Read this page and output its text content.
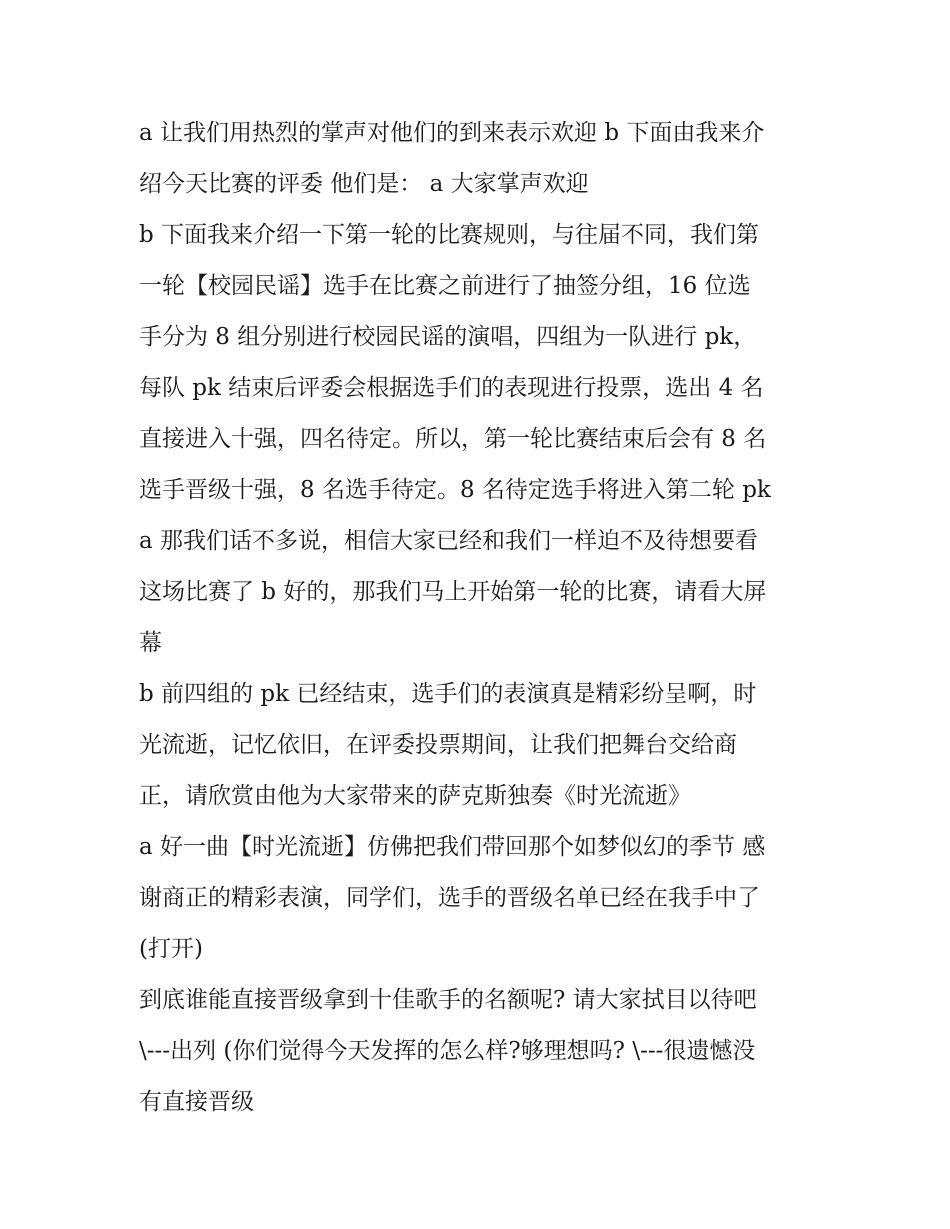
a 让我们用热烈的掌声对他们的到来表示欢迎 b 下面由我来介
绍今天比赛的评委 他们是： a 大家掌声欢迎
b 下面我来介绍一下第一轮的比赛规则，与往届不同，我们第
一轮【校园民谣】选手在比赛之前进行了抽签分组，16 位选
手分为 8 组分别进行校园民谣的演唱，四组为一队进行 pk，
每队 pk 结束后评委会根据选手们的表现进行投票，选出 4 名
直接进入十强，四名待定。所以，第一轮比赛结束后会有 8 名
选手晋级十强，8 名选手待定。8 名待定选手将进入第二轮 pk
a 那我们话不多说，相信大家已经和我们一样迫不及待想要看
这场比赛了 b 好的，那我们马上开始第一轮的比赛，请看大屏
幕
b 前四组的 pk 已经结束，选手们的表演真是精彩纷呈啊，时
光流逝，记忆依旧，在评委投票期间，让我们把舞台交给商
正，请欣赏由他为大家带来的萨克斯独奏《时光流逝》
a 好一曲【时光流逝】仿佛把我们带回那个如梦似幻的季节 感
谢商正的精彩表演，同学们，选手的晋级名单已经在我手中了
(打开)
到底谁能直接晋级拿到十佳歌手的名额呢? 请大家拭目以待吧
\---出列 (你们觉得今天发挥的怎么样?够理想吗? \---很遗憾没
有直接晋级
